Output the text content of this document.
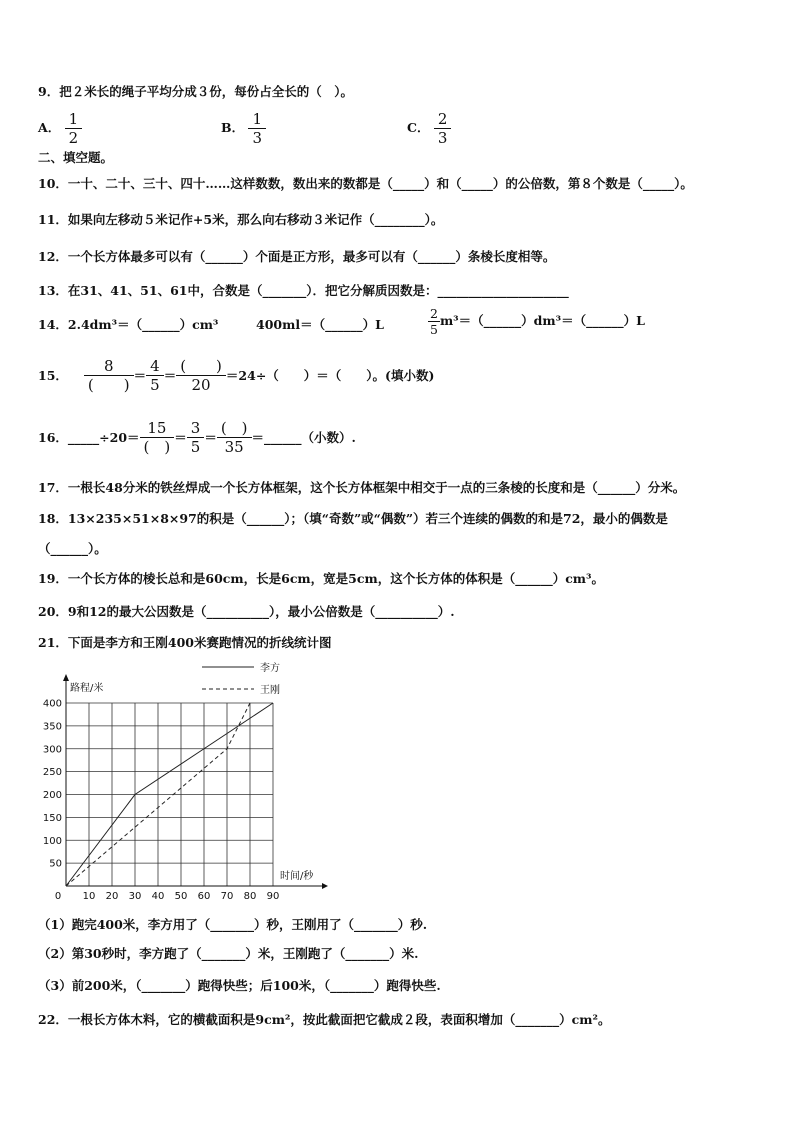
9．把２米长的绳子平均分成３份，每份占全长的（　）。
A． $\frac{1}{2}$	B． $\frac{1}{3}$	C． $\frac{2}{3}$
二、填空题。
10．一十、二十、三十、四十……这样数数，数出来的数都是（_____）和（_____）的公倍数，第８个数是（_____）。
11．如果向左移动５米记作+5米，那么向右移动３米记作（________）。
12．一个长方体最多可以有（______）个面是正方形，最多可以有（______）条棱长度相等。
13．在31、41、51、61中，合数是（_______）．把它分解质因数是：_____________________
14．2.4dm³＝（______）cm³	400ml＝（______）L	$\frac{2}{5}$ m³＝（______）dm³＝（______）L
15． $\frac{8}{( )} = \frac{4}{5} = \frac{( )}{20} =24\div$（　　）＝（　　）。(填小数)
16． _____÷20＝ $\frac{15}{( )} = \frac{3}{5} = \frac{( )}{35}$ ＝______（小数）.
17．一根长48分米的铁丝焊成一个长方体框架，这个长方体框架中相交于一点的三条棱的长度和是（______）分米。
18．13×235×51×8×97的积是（______）；（填“奇数”或“偶数”）若三个连续的偶数的和是72，最小的偶数是
（______）。
19．一个长方体的棱长总和是60cm，长是6cm，宽是5cm，这个长方体的体积是（______）cm³。
20．9和12的最大公因数是（__________），最小公倍数是（__________）.
21．下面是李方和王刚400米赛跑情况的折线统计图
10 20 30 40 50 60 70 80 90
50
100
150
200
250
300
350
400
0
路程/米
时间/秒
李方
王刚
（1）跑完400米，李方用了（_______）秒，王刚用了（_______）秒.
（2）第30秒时，李方跑了（_______）米，王刚跑了（_______）米.
（3）前200米，（_______）跑得快些；后100米，（_______）跑得快些.
22．一根长方体木料，它的横截面积是9cm²，按此截面把它截成２段，表面积增加（_______）cm²。
